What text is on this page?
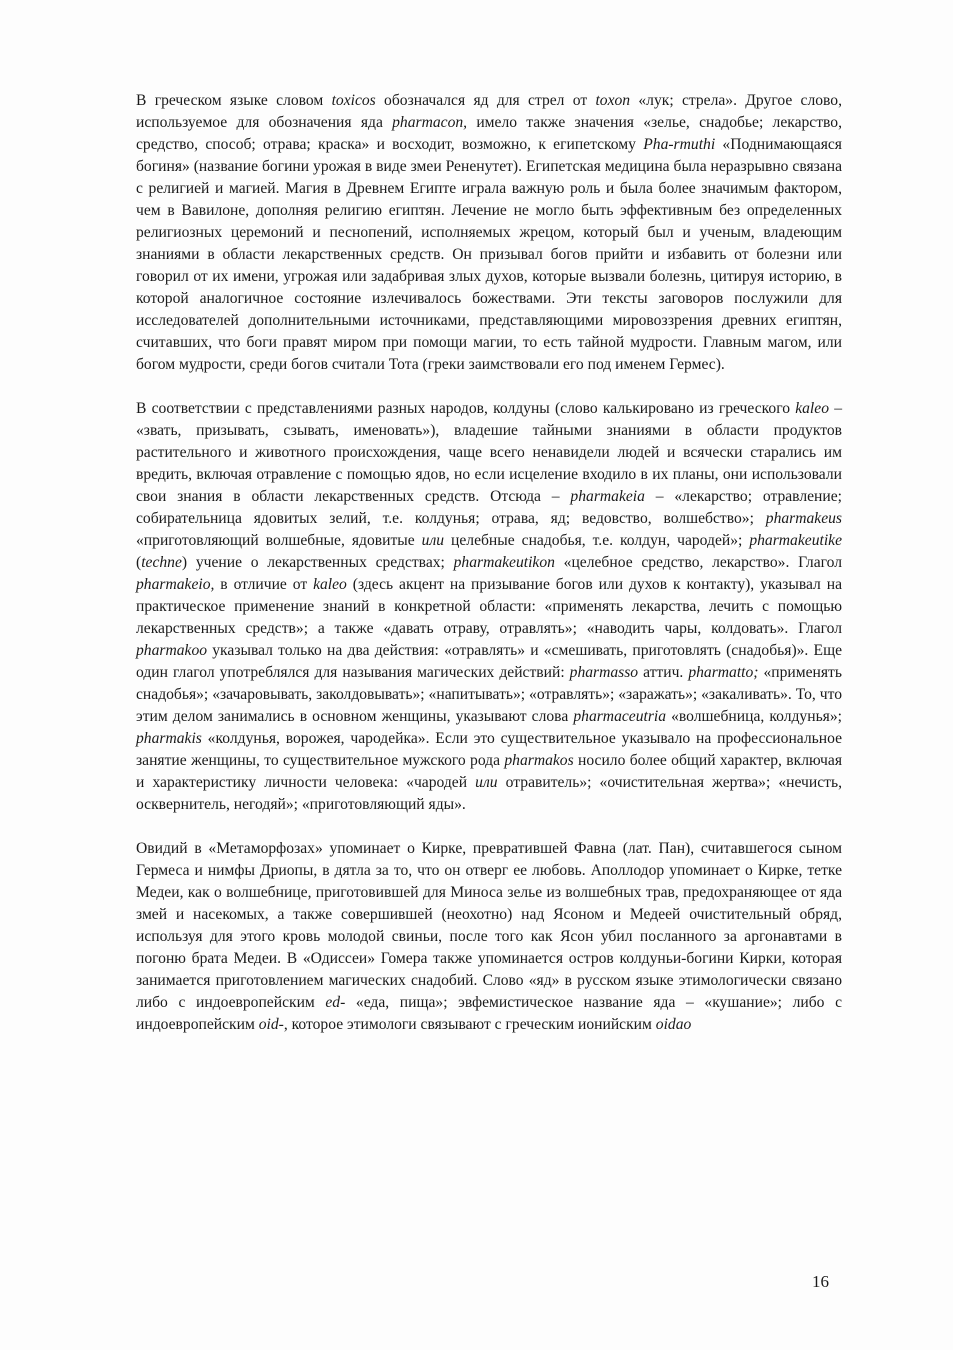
В греческом языке словом toxicos обозначался яд для стрел от toxon «лук; стрела». Другое слово, используемое для обозначения яда pharmacon, имело также значения «зелье, снадобье; лекарство, средство, способ; отрава; краска» и восходит, возможно, к египетскому Pha-rmuthi «Поднимающаяся богиня» (название богини урожая в виде змеи Рененутет). Египетская медицина была неразрывно связана с религией и магией. Магия в Древнем Египте играла важную роль и была более значимым фактором, чем в Вавилоне, дополняя религию египтян. Лечение не могло быть эффективным без определенных религиозных церемоний и песнопений, исполняемых жрецом, который был и ученым, владеющим знаниями в области лекарственных средств. Он призывал богов прийти и избавить от болезни или говорил от их имени, угрожая или задабривая злых духов, которые вызвали болезнь, цитируя историю, в которой аналогичное состояние излечивалось божествами. Эти тексты заговоров послужили для исследователей дополнительными источниками, представляющими мировоззрения древних египтян, считавших, что боги правят миром при помощи магии, то есть тайной мудрости. Главным магом, или богом мудрости, среди богов считали Тота (греки заимствовали его под именем Гермес).

В соответствии с представлениями разных народов, колдуны (слово калькировано из греческого kaleo – «звать, призывать, сзывать, именовать»), владешие тайными знаниями в области продуктов растительного и животного происхождения, чаще всего ненавидели людей и всячески старались им вредить, включая отравление с помощью ядов, но если исцеление входило в их планы, они использовали свои знания в области лекарственных средств. Отсюда – pharmakeia – «лекарство; отравление; собирательница ядовитых зелий, т.е. колдунья; отрава, яд; ведовство, волшебство»; pharmakeus «приготовляющий волшебные, ядовитые или целебные снадобья, т.е. колдун, чародей»; pharmakeutike (techne) учение о лекарственных средствах; pharmakeutikon «целебное средство, лекарство». Глагол pharmakeio, в отличие от kaleo (здесь акцент на призывание богов или духов к контакту), указывал на практическое применение знаний в конкретной области: «применять лекарства, лечить с помощью лекарственных средств»; а также «давать отраву, отравлять»; «наводить чары, колдовать». Глагол pharmakoo указывал только на два действия: «отравлять» и «смешивать, приготовлять (снадобья)». Еще один глагол употреблялся для называния магических действий: pharmasso аттич. pharmatto; «применять снадобья»; «зачаровывать, заколдовывать»; «напитывать»; «отравлять»; «заражать»; «закаливать». То, что этим делом занимались в основном женщины, указывают слова pharmaceutria «волшебница, колдунья»; pharmakis «колдунья, ворожея, чародейка». Если это существительное указывало на профессиональное занятие женщины, то существительное мужского рода pharmakos носило более общий характер, включая и характеристику личности человека: «чародей или отравитель»; «очистительная жертва»; «нечисть, осквернитель, негодяй»; «приготовляющий яды».

Овидий в «Метаморфозах» упоминает о Кирке, превратившей Фавна (лат. Пан), считавшегося сыном Гермеса и нимфы Дриопы, в дятла за то, что он отверг ее любовь. Аполлодор упоминает о Кирке, тетке Медеи, как о волшебнице, приготовившей для Миноса зелье из волшебных трав, предохраняющее от яда змей и насекомых, а также совершившей (неохотно) над Ясоном и Медеей очистительный обряд, используя для этого кровь молодой свиньи, после того как Ясон убил посланного за аргонавтами в погоню брата Медеи. В «Одиссеи» Гомера также упоминается остров колдуньи-богини Кирки, которая занимается приготовлением магических снадобий. Слово «яд» в русском языке этимологически связано либо с индоевропейским ed- «еда, пища»; эвфемистическое название яда – «кушание»; либо с индоевропейским oid-, которое этимологи связывают с греческим ионийским oidao

16
